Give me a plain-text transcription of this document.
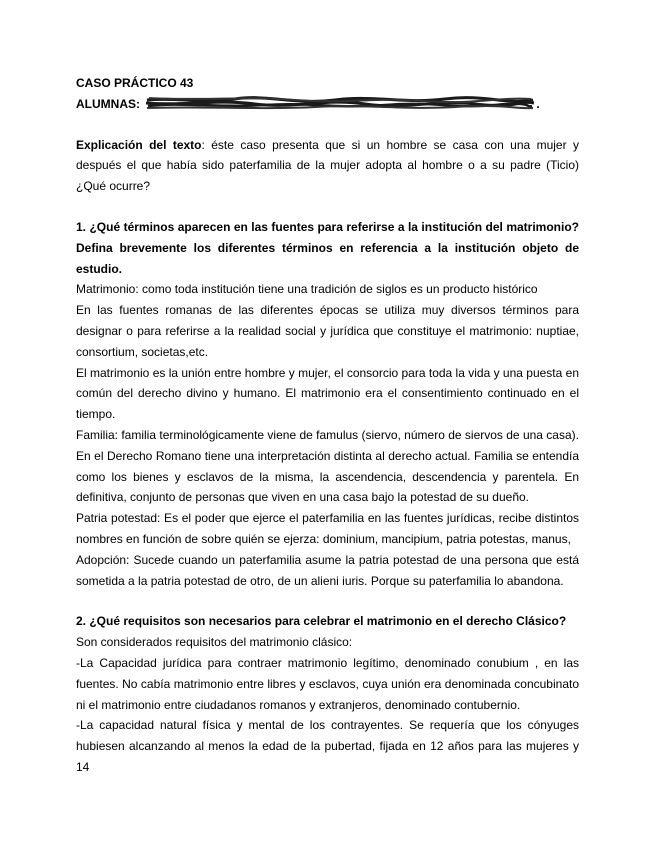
CASO PRÁCTICO 43
ALUMNAS:	.

Explicación del texto: éste caso presenta que si un hombre se casa con una mujer y después el que había sido paterfamilia de la mujer adopta al hombre o a su padre (Ticio) ¿Qué ocurre?

1. ¿Qué términos aparecen en las fuentes para referirse a la institución del matrimonio? Defina brevemente los diferentes términos en referencia a la institución objeto de estudio.

Matrimonio: como toda institución tiene una tradición de siglos es un producto histórico

En las fuentes romanas de las diferentes épocas se utiliza muy diversos términos para designar o para referirse a la realidad social y jurídica que constituye el matrimonio: nuptiae, consortium, societas,etc.

El matrimonio es la unión entre hombre y mujer, el consorcio para toda la vida y una puesta en común del derecho divino y humano. El matrimonio era el consentimiento continuado en el tiempo.

Familia: familia terminológicamente viene de famulus (siervo, número de siervos de una casa). En el Derecho Romano tiene una interpretación distinta al derecho actual. Familia se entendía como los bienes y esclavos de la misma, la ascendencia, descendencia y parentela. En definitiva, conjunto de personas que viven en una casa bajo la potestad de su dueño.

Patria potestad: Es el poder que ejerce el paterfamilia en las fuentes jurídicas, recibe distintos nombres en función de sobre quién se ejerza: dominium, mancipium, patria potestas, manus,

Adopción: Sucede cuando un paterfamilia asume la patria potestad de una persona que está sometida a la patria potestad de otro, de un alieni iuris. Porque su paterfamilia lo abandona.

2. ¿Qué requisitos son necesarios para celebrar el matrimonio en el derecho Clásico?

Son considerados requisitos del matrimonio clásico:

-La Capacidad jurídica para contraer matrimonio legítimo, denominado conubium , en las fuentes. No cabía matrimonio entre libres y esclavos, cuya unión era denominada concubinato ni el matrimonio entre ciudadanos romanos y extranjeros, denominado contubernio.

-La capacidad natural física y mental de los contrayentes. Se requería que los cónyuges hubiesen alcanzando al menos la edad de la pubertad, fijada en 12 años para las mujeres y 14
